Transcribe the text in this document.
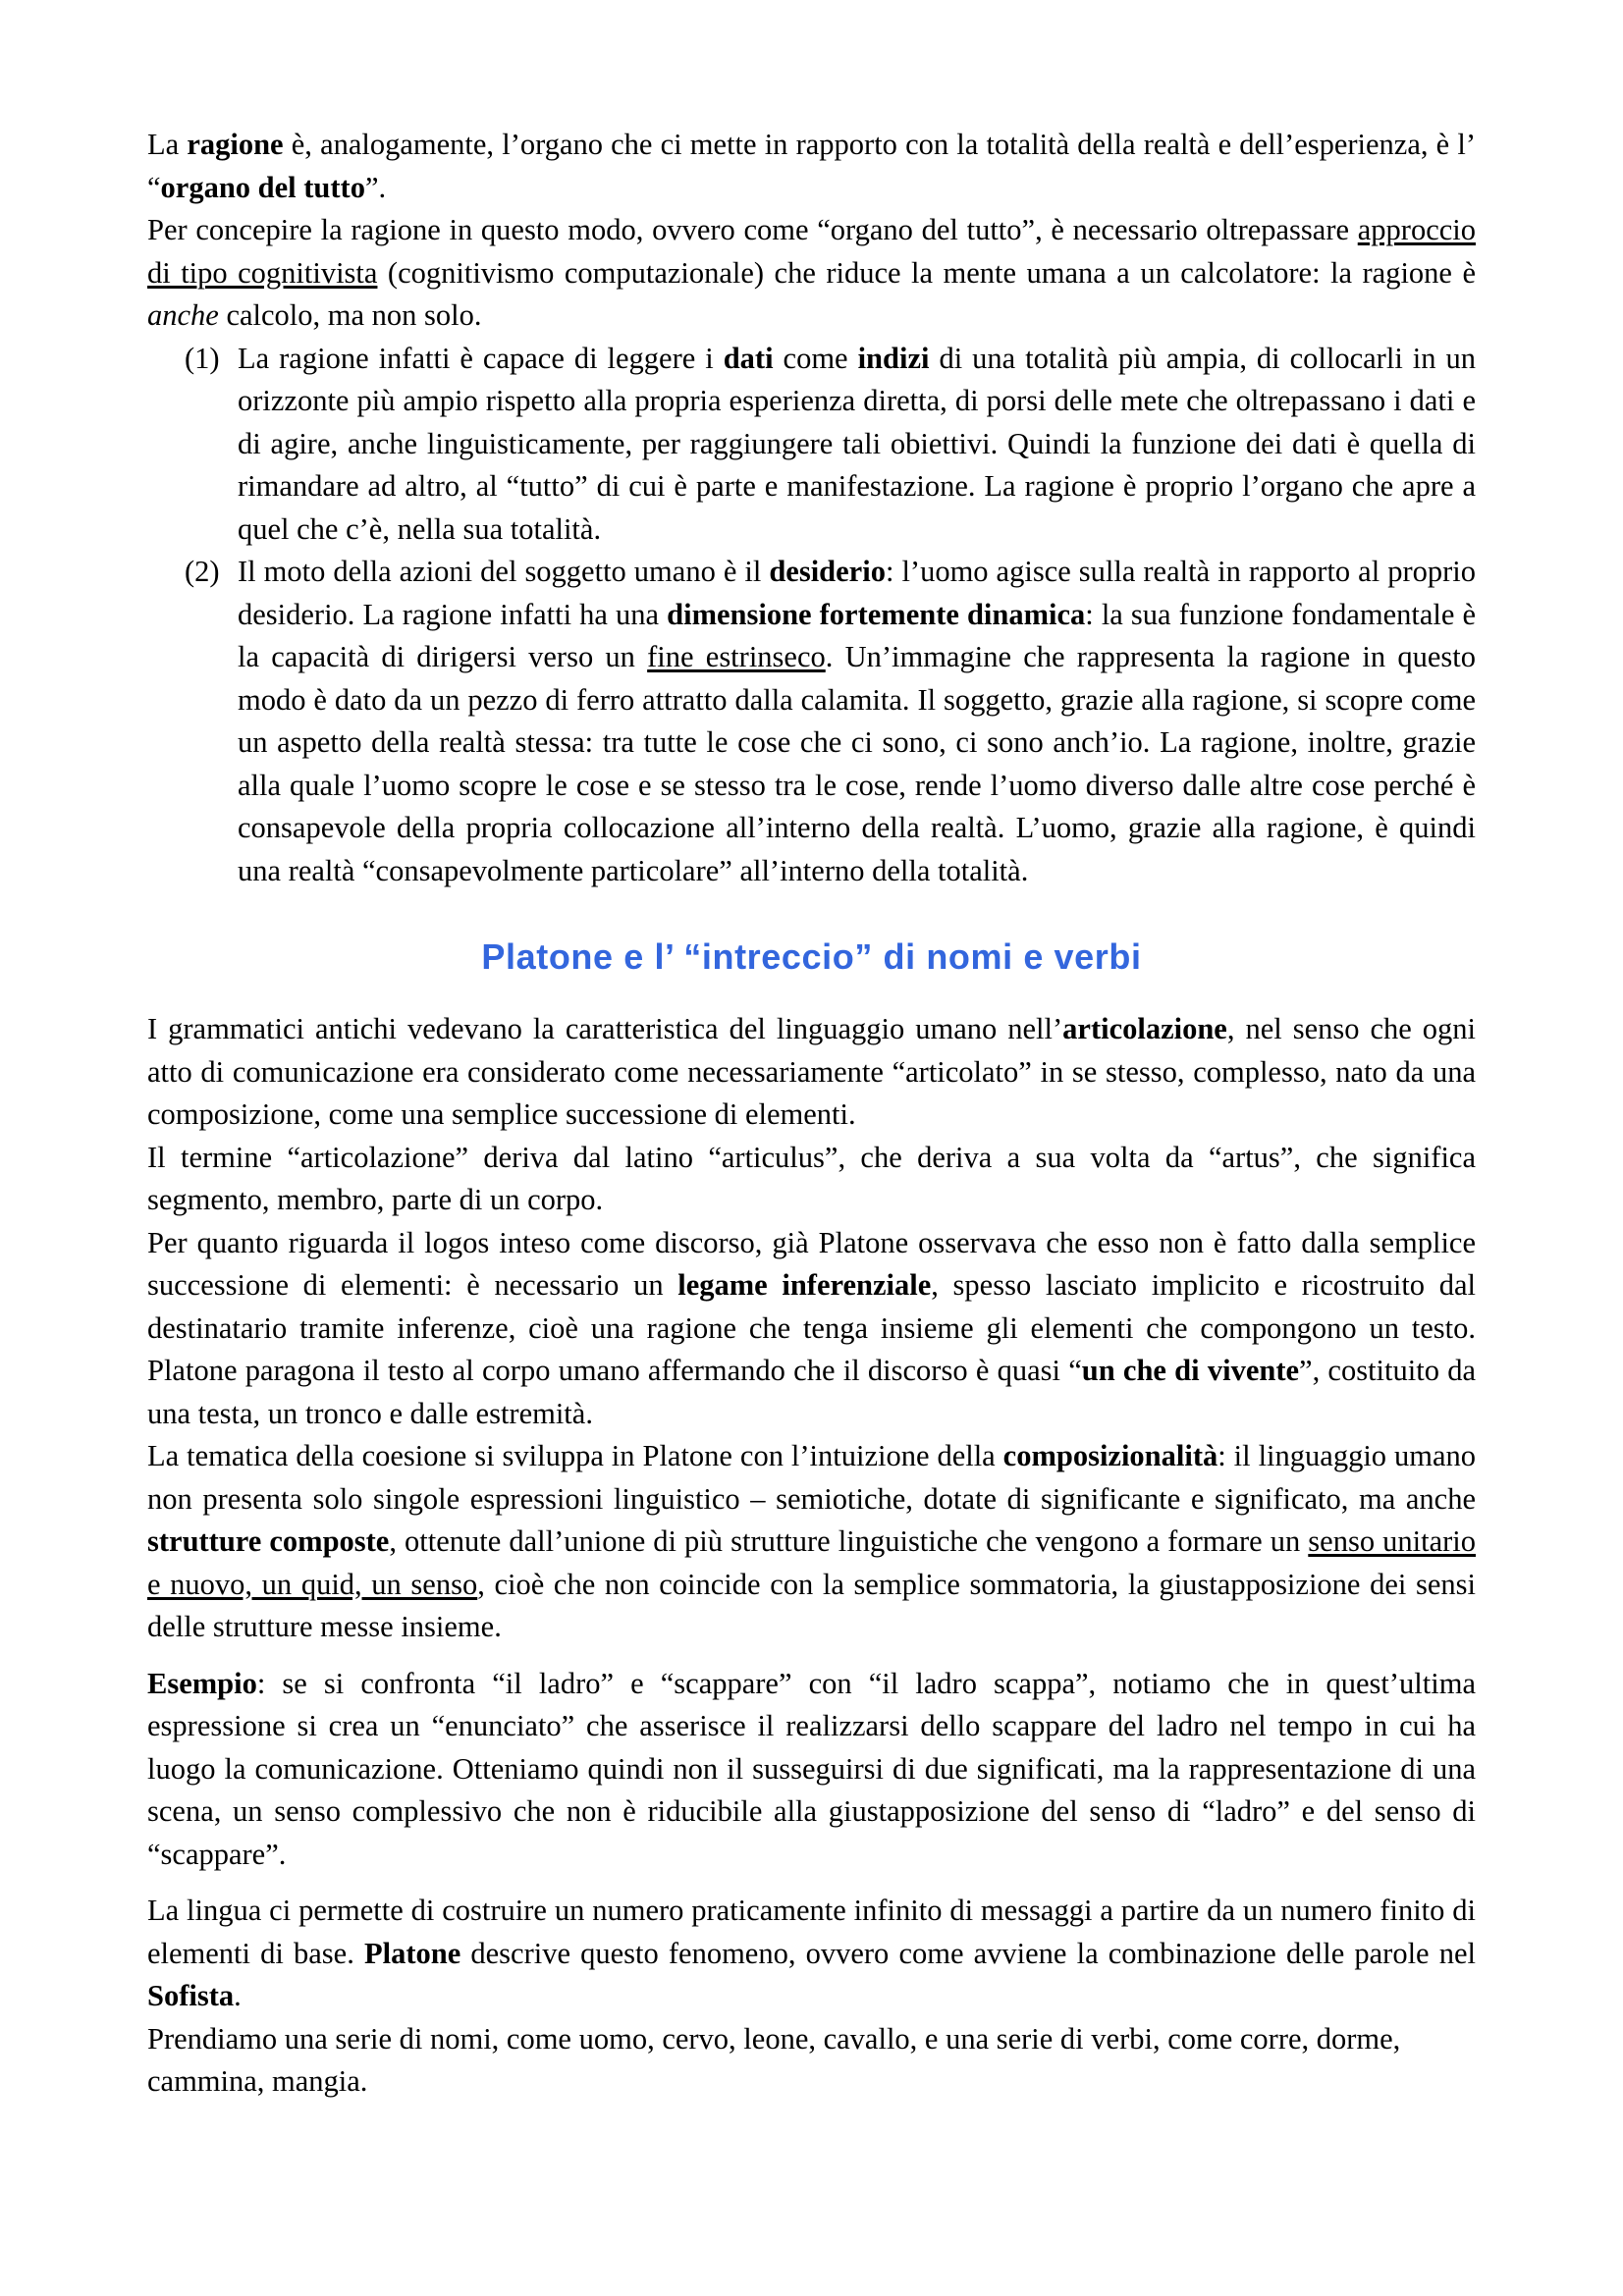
La ragione è, analogamente, l’organo che ci mette in rapporto con la totalità della realtà e dell’esperienza, è l’ “organo del tutto”.

Per concepire la ragione in questo modo, ovvero come “organo del tutto”, è necessario oltrepassare approccio di tipo cognitivista (cognitivismo computazionale) che riduce la mente umana a un calcolatore: la ragione è anche calcolo, ma non solo.

(1) La ragione infatti è capace di leggere i dati come indizi di una totalità più ampia, di collocarli in un orizzonte più ampio rispetto alla propria esperienza diretta, di porsi delle mete che oltrepassano i dati e di agire, anche linguisticamente, per raggiungere tali obiettivi. Quindi la funzione dei dati è quella di rimandare ad altro, al “tutto” di cui è parte e manifestazione. La ragione è proprio l’organo che apre a quel che c’è, nella sua totalità.
(2) Il moto della azioni del soggetto umano è il desiderio: l’uomo agisce sulla realtà in rapporto al proprio desiderio. La ragione infatti ha una dimensione fortemente dinamica: la sua funzione fondamentale è la capacità di dirigersi verso un fine estrinseco. Un’immagine che rappresenta la ragione in questo modo è dato da un pezzo di ferro attratto dalla calamita. Il soggetto, grazie alla ragione, si scopre come un aspetto della realtà stessa: tra tutte le cose che ci sono, ci sono anch’io. La ragione, inoltre, grazie alla quale l’uomo scopre le cose e se stesso tra le cose, rende l’uomo diverso dalle altre cose perché è consapevole della propria collocazione all’interno della realtà. L’uomo, grazie alla ragione, è quindi una realtà “consapevolmente particolare” all’interno della totalità.
Platone e l’ “intreccio” di nomi e verbi

I grammatici antichi vedevano la caratteristica del linguaggio umano nell’articolazione, nel senso che ogni atto di comunicazione era considerato come necessariamente “articolato” in se stesso, complesso, nato da una composizione, come una semplice successione di elementi.

Il termine “articolazione” deriva dal latino “articulus”, che deriva a sua volta da “artus”, che significa segmento, membro, parte di un corpo.

Per quanto riguarda il logos inteso come discorso, già Platone osservava che esso non è fatto dalla semplice successione di elementi: è necessario un legame inferenziale, spesso lasciato implicito e ricostruito dal destinatario tramite inferenze, cioè una ragione che tenga insieme gli elementi che compongono un testo. Platone paragona il testo al corpo umano affermando che il discorso è quasi “un che di vivente”, costituito da una testa, un tronco e dalle estremità.

La tematica della coesione si sviluppa in Platone con l’intuizione della composizionalità: il linguaggio umano non presenta solo singole espressioni linguistico – semiotiche, dotate di significante e significato, ma anche strutture composte, ottenute dall’unione di più strutture linguistiche che vengono a formare un senso unitario e nuovo, un quid, un senso, cioè che non coincide con la semplice sommatoria, la giustapposizione dei sensi delle strutture messe insieme.

Esempio: se si confronta “il ladro” e “scappare” con “il ladro scappa”, notiamo che in quest’ultima espressione si crea un “enunciato” che asserisce il realizzarsi dello scappare del ladro nel tempo in cui ha luogo la comunicazione. Otteniamo quindi non il susseguirsi di due significati, ma la rappresentazione di una scena, un senso complessivo che non è riducibile alla giustapposizione del senso di “ladro” e del senso di “scappare”.

La lingua ci permette di costruire un numero praticamente infinito di messaggi a partire da un numero finito di elementi di base. Platone descrive questo fenomeno, ovvero come avviene la combinazione delle parole nel Sofista.

Prendiamo una serie di nomi, come uomo, cervo, leone, cavallo, e una serie di verbi, come corre, dorme, cammina, mangia.
